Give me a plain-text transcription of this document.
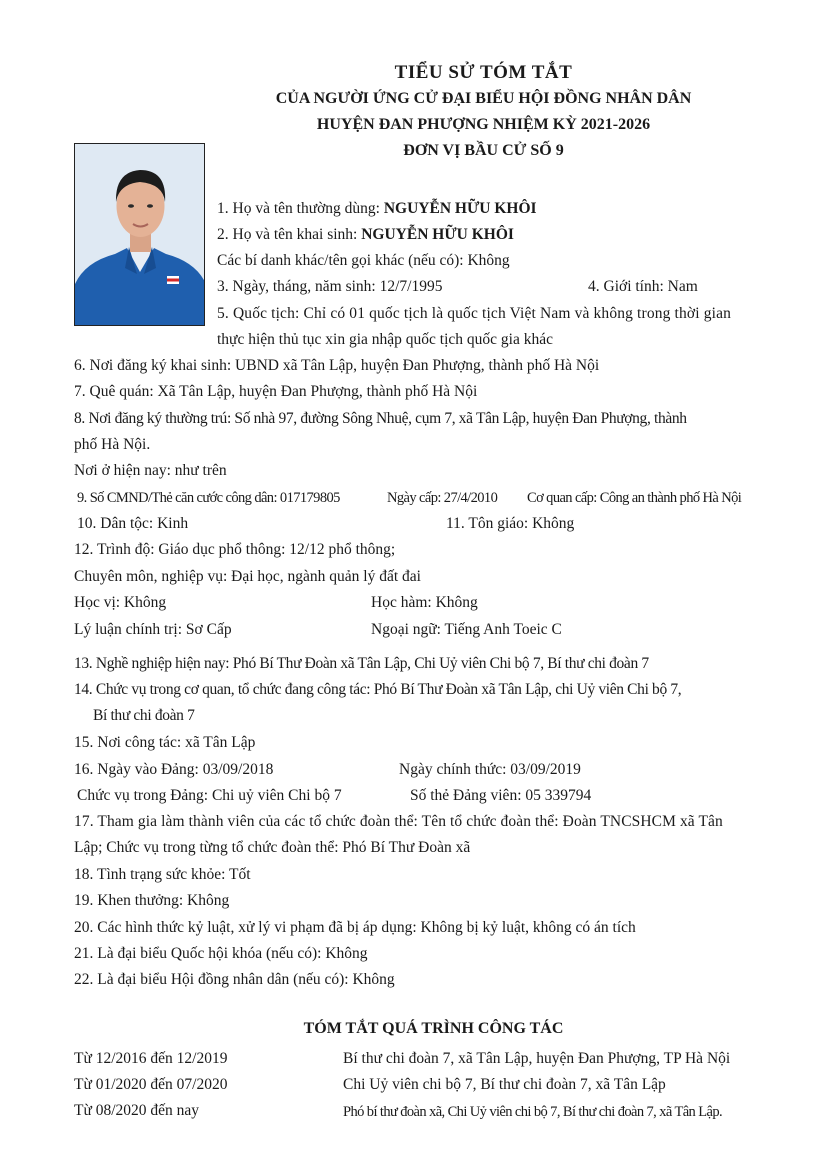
TIỂU SỬ TÓM TẮT
CỦA NGƯỜI ỨNG CỬ ĐẠI BIỂU HỘI ĐỒNG NHÂN DÂN
HUYỆN ĐAN PHƯỢNG NHIỆM KỲ 2021-2026
ĐƠN VỊ BẦU CỬ SỐ 9
1. Họ và tên thường dùng: NGUYỄN HỮU KHÔI
2. Họ và tên khai sinh: NGUYỄN HỮU KHÔI
Các bí danh khác/tên gọi khác (nếu có): Không
3. Ngày, tháng, năm sinh: 12/7/1995	4. Giới tính: Nam
5. Quốc tịch: Chỉ có 01 quốc tịch là quốc tịch Việt Nam và không trong thời gian
thực hiện thủ tục xin gia nhập quốc tịch quốc gia khác
6. Nơi đăng ký khai sinh: UBND xã Tân Lập, huyện Đan Phượng, thành phố Hà Nội
7. Quê quán: Xã Tân Lập, huyện Đan Phượng, thành phố Hà Nội
8. Nơi đăng ký thường trú: Số nhà 97, đường Sông Nhuệ, cụm 7, xã Tân Lập, huyện Đan Phượng, thành
phố Hà Nội.
Nơi ở hiện nay: như trên
9. Số CMND/Thẻ căn cước công dân: 017179805	Ngày cấp: 27/4/2010 Cơ quan cấp: Công an thành phố Hà Nội
10. Dân tộc: Kinh	11. Tôn giáo: Không
12. Trình độ: Giáo dục phổ thông: 12/12 phổ thông;
Chuyên môn, nghiệp vụ: Đại học, ngành quản lý đất đai
Học vị: Không	Học hàm: Không
Lý luận chính trị: Sơ Cấp	Ngoại ngữ: Tiếng Anh Toeic C
13. Nghề nghiệp hiện nay: Phó Bí Thư Đoàn xã Tân Lập, Chi Uỷ viên Chi bộ 7, Bí thư chi đoàn 7
14. Chức vụ trong cơ quan, tổ chức đang công tác: Phó Bí Thư Đoàn xã Tân Lập, chi Uỷ viên Chi bộ 7,
Bí thư chi đoàn 7
15. Nơi công tác: xã Tân Lập
16. Ngày vào Đảng: 03/09/2018	Ngày chính thức: 03/09/2019
Chức vụ trong Đảng: Chi uỷ viên Chi bộ 7	Số thẻ Đảng viên: 05 339794
17. Tham gia làm thành viên của các tổ chức đoàn thể: Tên tổ chức đoàn thể: Đoàn TNCSHCM xã Tân
Lập; Chức vụ trong từng tổ chức đoàn thể: Phó Bí Thư Đoàn xã
18. Tình trạng sức khỏe: Tốt
19. Khen thưởng: Không
20. Các hình thức kỷ luật, xử lý vi phạm đã bị áp dụng: Không bị kỷ luật, không có án tích
21. Là đại biểu Quốc hội khóa (nếu có): Không
22. Là đại biểu Hội đồng nhân dân (nếu có): Không
TÓM TẮT QUÁ TRÌNH CÔNG TÁC
Từ 12/2016 đến 12/2019	Bí thư chi đoàn 7, xã Tân Lập, huyện Đan Phượng, TP Hà Nội
Từ 01/2020 đến 07/2020	Chi Uỷ viên chi bộ 7, Bí thư chi đoàn 7, xã Tân Lập
Từ 08/2020 đến nay	Phó bí thư đoàn xã, Chi Uỷ viên chi bộ 7, Bí thư chi đoàn 7, xã Tân Lập.
